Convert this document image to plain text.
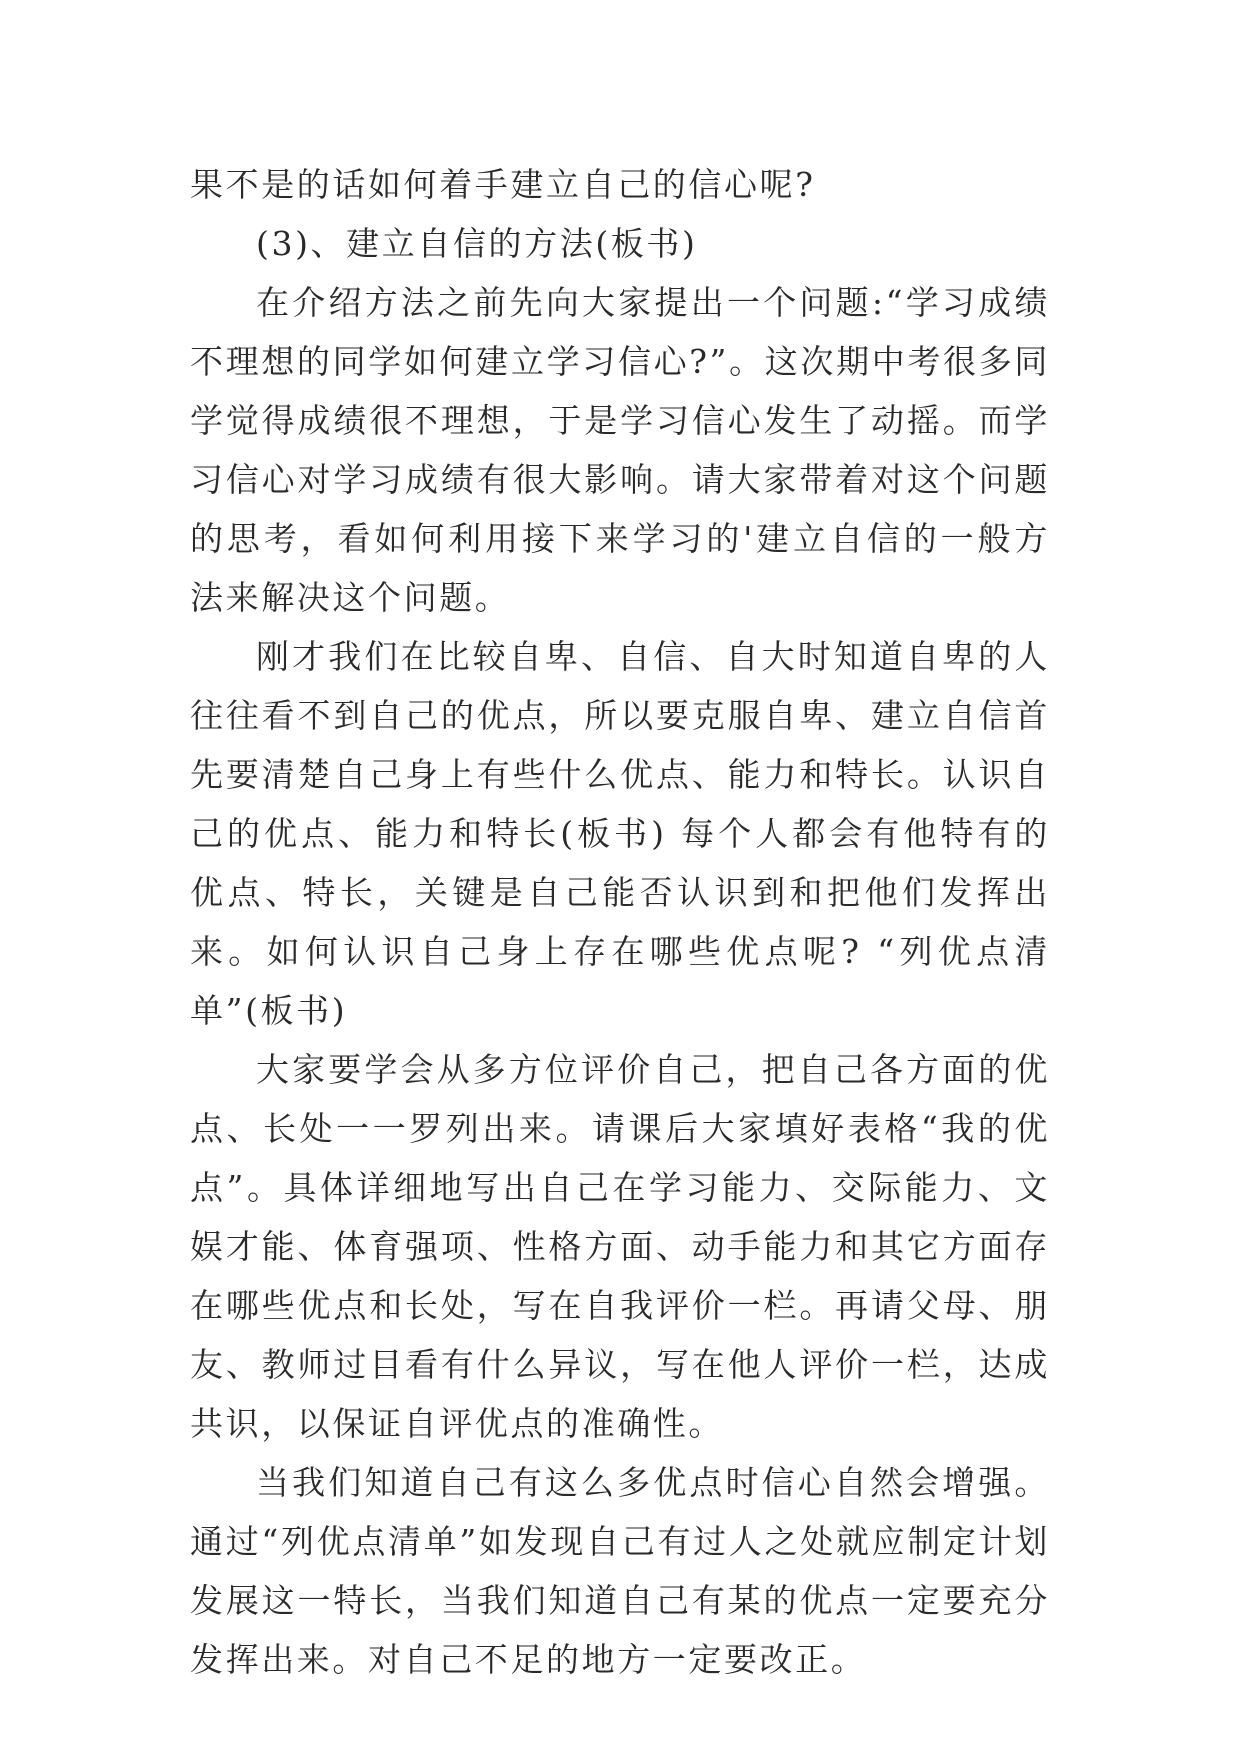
果不是的话如何着手建立自己的信心呢?

(3)、建立自信的方法(板书)

在介绍方法之前先向大家提出一个问题:“学习成绩不理想的同学如何建立学习信心?”。这次期中考很多同学觉得成绩很不理想，于是学习信心发生了动摇。而学习信心对学习成绩有很大影响。请大家带着对这个问题的思考，看如何利用接下来学习的'建立自信的一般方法来解决这个问题。

刚才我们在比较自卑、自信、自大时知道自卑的人往往看不到自己的优点，所以要克服自卑、建立自信首先要清楚自己身上有些什么优点、能力和特长。认识自己的优点、能力和特长(板书) 每个人都会有他特有的优点、特长，关键是自己能否认识到和把他们发挥出来。如何认识自己身上存在哪些优点呢? “列优点清单”(板书)

大家要学会从多方位评价自己，把自己各方面的优点、长处一一罗列出来。请课后大家填好表格“我的优点”。具体详细地写出自己在学习能力、交际能力、文娱才能、体育强项、性格方面、动手能力和其它方面存在哪些优点和长处，写在自我评价一栏。再请父母、朋友、教师过目看有什么异议，写在他人评价一栏，达成共识，以保证自评优点的准确性。

当我们知道自己有这么多优点时信心自然会增强。通过“列优点清单”如发现自己有过人之处就应制定计划发展这一特长，当我们知道自己有某的优点一定要充分发挥出来。对自己不足的地方一定要改正。
